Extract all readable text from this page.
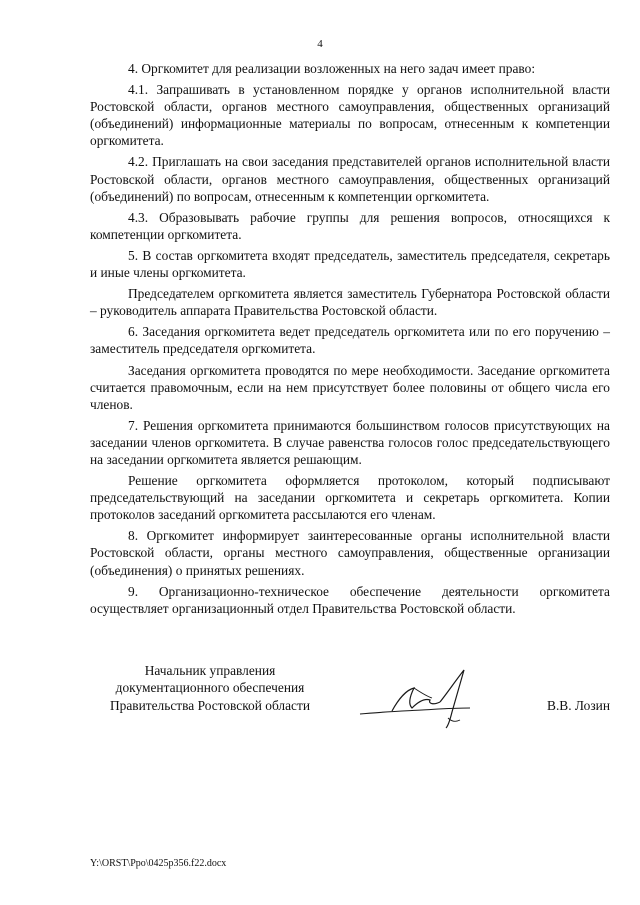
4

4. Оргкомитет для реализации возложенных на него задач имеет право:

4.1. Запрашивать в установленном порядке у органов исполнительной власти Ростовской области, органов местного самоуправления, общественных организаций (объединений) информационные материалы по вопросам, отнесенным к компетенции оргкомитета.

4.2. Приглашать на свои заседания представителей органов исполнительной власти Ростовской области, органов местного самоуправления, общественных организаций (объединений) по вопросам, отнесенным к компетенции оргкомитета.

4.3. Образовывать рабочие группы для решения вопросов, относящихся к компетенции оргкомитета.

5. В состав оргкомитета входят председатель, заместитель председателя, секретарь и иные члены оргкомитета.

Председателем оргкомитета является заместитель Губернатора Ростовской области – руководитель аппарата Правительства Ростовской области.

6. Заседания оргкомитета ведет председатель оргкомитета или по его поручению – заместитель председателя оргкомитета.

Заседания оргкомитета проводятся по мере необходимости. Заседание оргкомитета считается правомочным, если на нем присутствует более половины от общего числа его членов.

7. Решения оргкомитета принимаются большинством голосов присутствующих на заседании членов оргкомитета. В случае равенства голосов голос председательствующего на заседании оргкомитета является решающим.

Решение оргкомитета оформляется протоколом, который подписывают председательствующий на заседании оргкомитета и секретарь оргкомитета. Копии протоколов заседаний оргкомитета рассылаются его членам.

8. Оргкомитет информирует заинтересованные органы исполнительной власти Ростовской области, органы местного самоуправления, общественные организации (объединения) о принятых решениях.

9. Организационно-техническое обеспечение деятельности оргкомитета осуществляет организационный отдел Правительства Ростовской области.

Начальник управления
документационного обеспечения
Правительства Ростовской области	В.В. Лозин
Y:\ORST\Ppo\0425p356.f22.docx
